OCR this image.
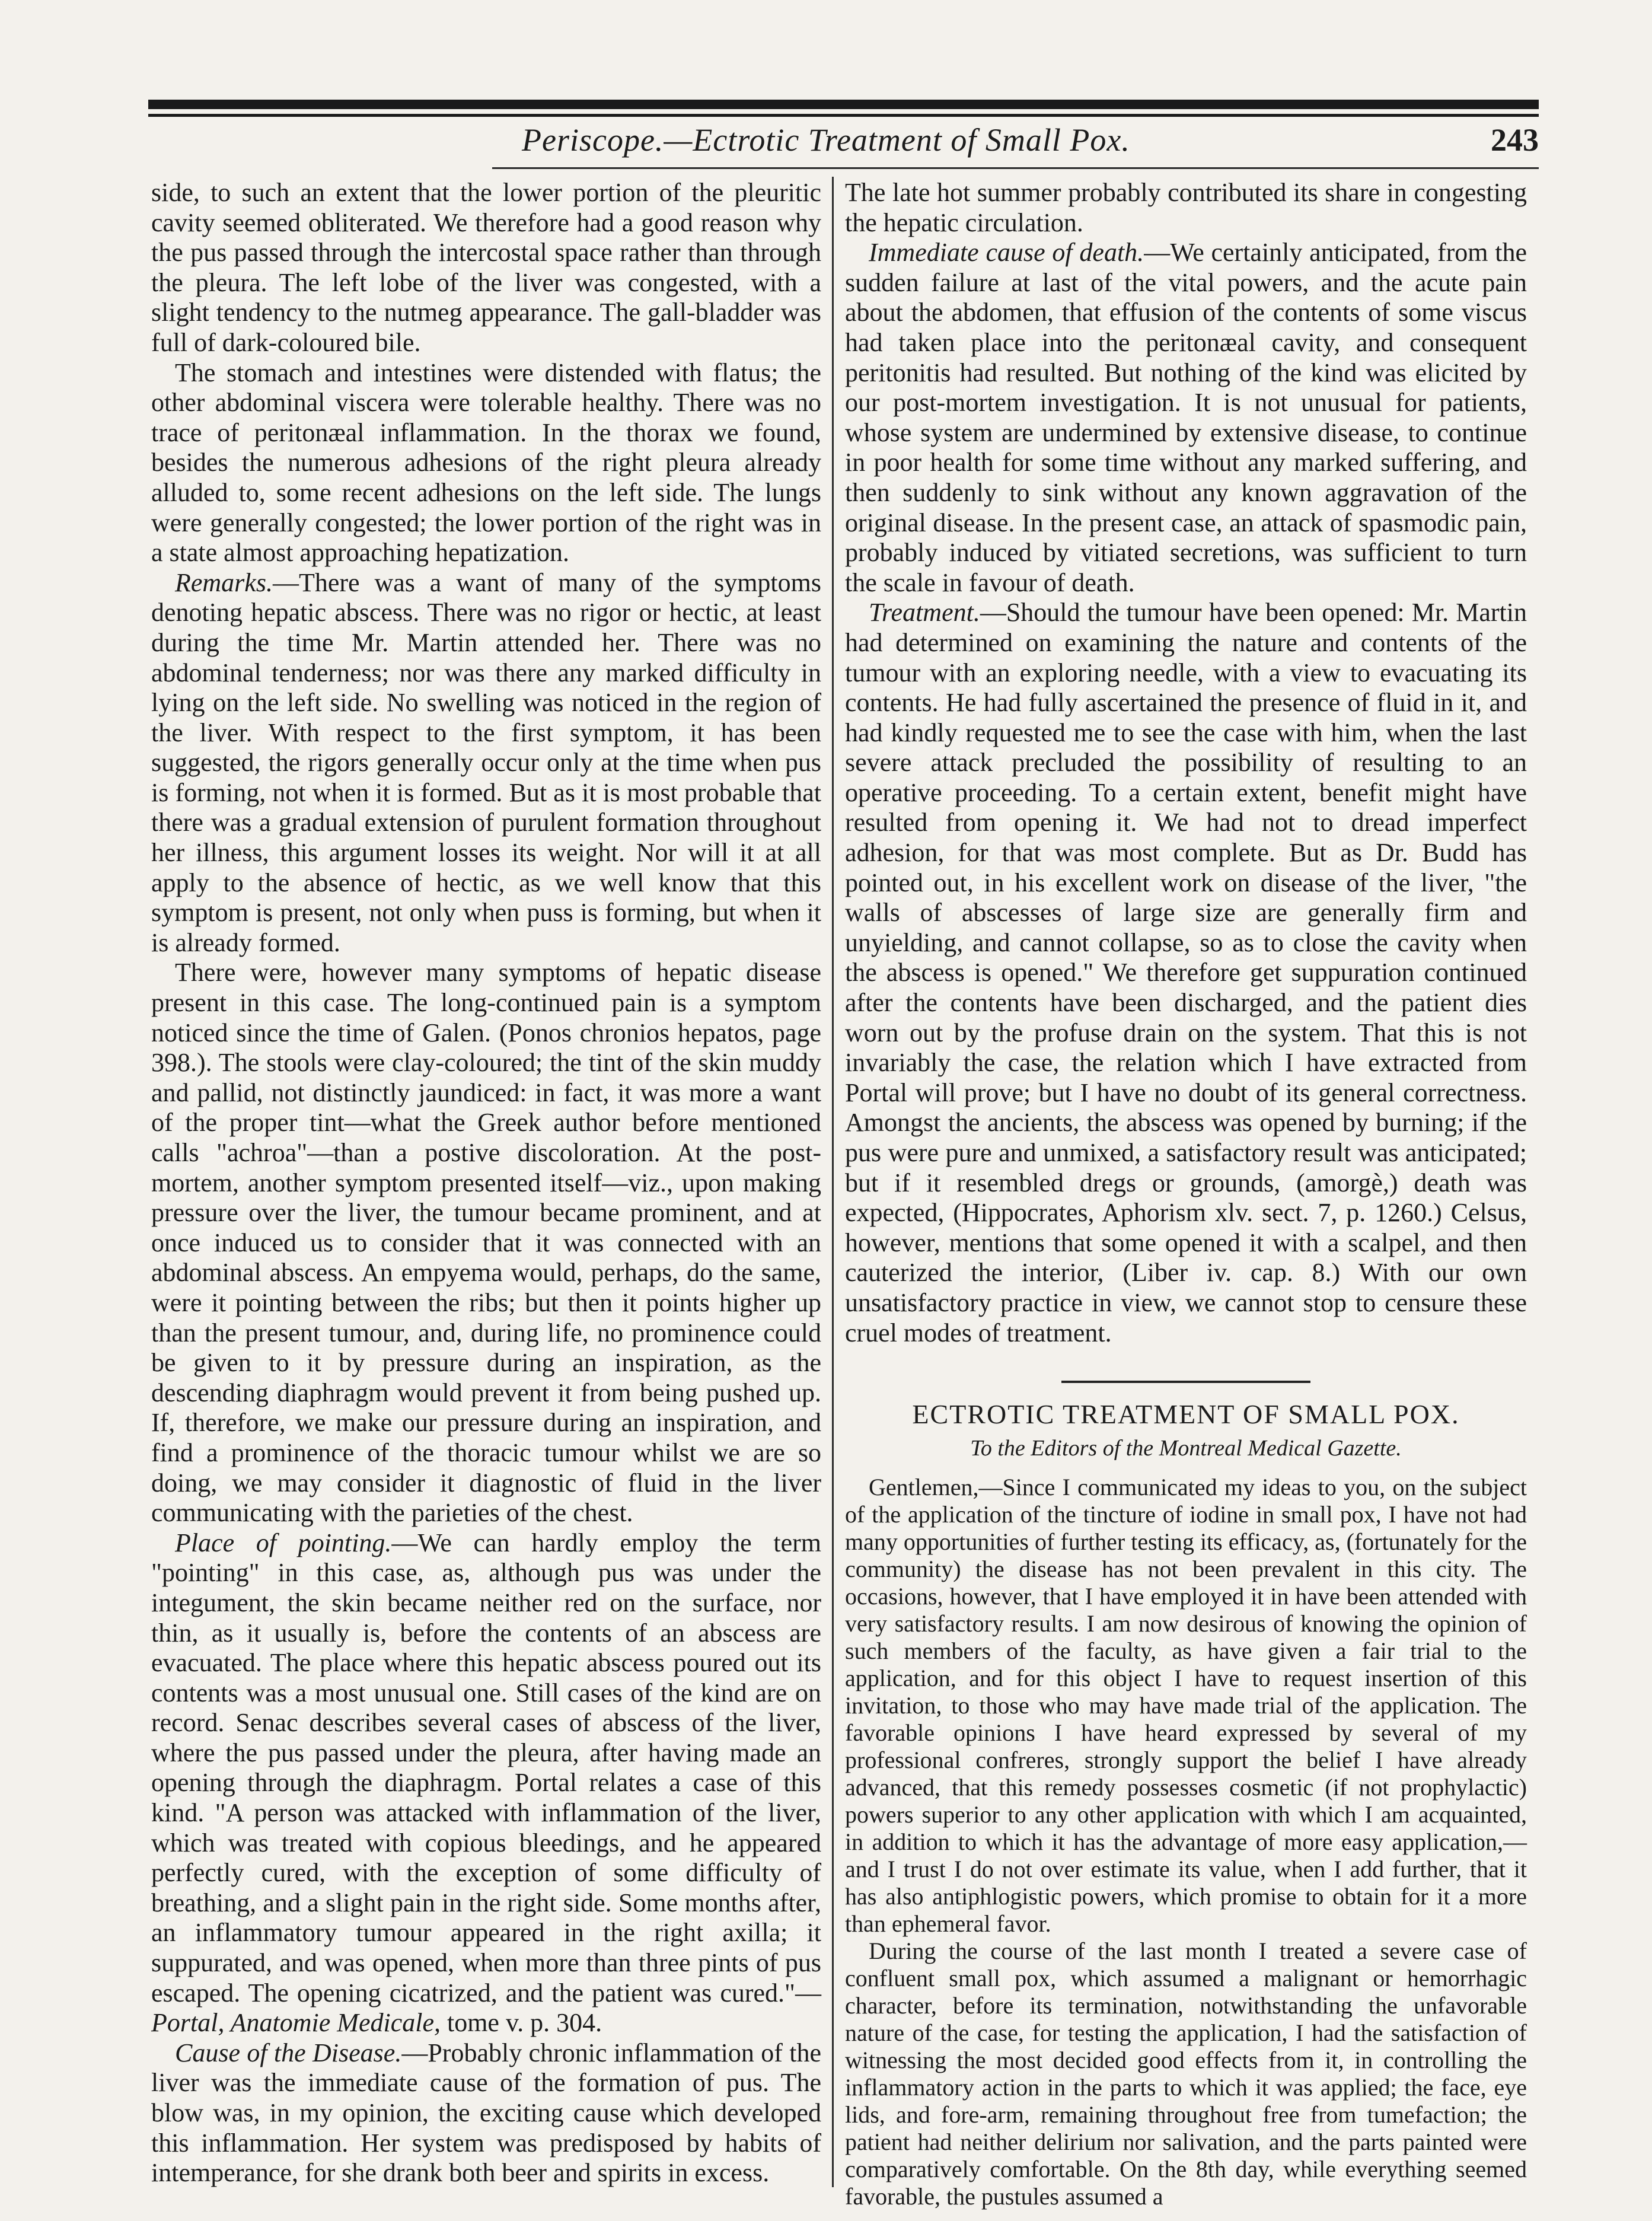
Periscope.—Ectrotic Treatment of Small Pox.	243

side, to such an extent that the lower portion of the pleuritic cavity seemed obliterated. We therefore had a good reason why the pus passed through the intercostal space rather than through the pleura. The left lobe of the liver was congested, with a slight tendency to the nutmeg appearance. The gall-bladder was full of dark-coloured bile.

The stomach and intestines were distended with flatus; the other abdominal viscera were tolerable healthy. There was no trace of peritonæal inflammation. In the thorax we found, besides the numerous adhesions of the right pleura already alluded to, some recent adhesions on the left side. The lungs were generally congested; the lower portion of the right was in a state almost approaching hepatization.

Remarks.—There was a want of many of the symptoms denoting hepatic abscess. There was no rigor or hectic, at least during the time Mr. Martin attended her. There was no abdominal tenderness; nor was there any marked difficulty in lying on the left side. No swelling was noticed in the region of the liver. With respect to the first symptom, it has been suggested, the rigors generally occur only at the time when pus is forming, not when it is formed. But as it is most probable that there was a gradual extension of purulent formation throughout her illness, this argument losses its weight. Nor will it at all apply to the absence of hectic, as we well know that this symptom is present, not only when puss is forming, but when it is already formed.

There were, however many symptoms of hepatic disease present in this case. The long-continued pain is a symptom noticed since the time of Galen. (Ponos chronios hepatos, page 398.). The stools were clay-coloured; the tint of the skin muddy and pallid, not distinctly jaundiced: in fact, it was more a want of the proper tint—what the Greek author before mentioned calls "achroa"—than a postive discoloration. At the post-mortem, another symptom presented itself—viz., upon making pressure over the liver, the tumour became prominent, and at once induced us to consider that it was connected with an abdominal abscess. An empyema would, perhaps, do the same, were it pointing between the ribs; but then it points higher up than the present tumour, and, during life, no prominence could be given to it by pressure during an inspiration, as the descending diaphragm would prevent it from being pushed up. If, therefore, we make our pressure during an inspiration, and find a prominence of the thoracic tumour whilst we are so doing, we may consider it diagnostic of fluid in the liver communicating with the parieties of the chest.

Place of pointing.—We can hardly employ the term "pointing" in this case, as, although pus was under the integument, the skin became neither red on the surface, nor thin, as it usually is, before the contents of an abscess are evacuated. The place where this hepatic abscess poured out its contents was a most unusual one. Still cases of the kind are on record. Senac describes several cases of abscess of the liver, where the pus passed under the pleura, after having made an opening through the diaphragm. Portal relates a case of this kind. "A person was attacked with inflammation of the liver, which was treated with copious bleedings, and he appeared perfectly cured, with the exception of some difficulty of breathing, and a slight pain in the right side. Some months after, an inflammatory tumour appeared in the right axilla; it suppurated, and was opened, when more than three pints of pus escaped. The opening cicatrized, and the patient was cured."—Portal, Anatomie Medicale, tome v. p. 304.

Cause of the Disease.—Probably chronic inflammation of the liver was the immediate cause of the formation of pus. The blow was, in my opinion, the exciting cause which developed this inflammation. Her system was predisposed by habits of intemperance, for she drank both beer and spirits in excess.

The late hot summer probably contributed its share in congesting the hepatic circulation.

Immediate cause of death.—We certainly anticipated, from the sudden failure at last of the vital powers, and the acute pain about the abdomen, that effusion of the contents of some viscus had taken place into the peritonæal cavity, and consequent peritonitis had resulted. But nothing of the kind was elicited by our post-mortem investigation. It is not unusual for patients, whose system are undermined by extensive disease, to continue in poor health for some time without any marked suffering, and then suddenly to sink without any known aggravation of the original disease. In the present case, an attack of spasmodic pain, probably induced by vitiated secretions, was sufficient to turn the scale in favour of death.

Treatment.—Should the tumour have been opened: Mr. Martin had determined on examining the nature and contents of the tumour with an exploring needle, with a view to evacuating its contents. He had fully ascertained the presence of fluid in it, and had kindly requested me to see the case with him, when the last severe attack precluded the possibility of resulting to an operative proceeding. To a certain extent, benefit might have resulted from opening it. We had not to dread imperfect adhesion, for that was most complete. But as Dr. Budd has pointed out, in his excellent work on disease of the liver, "the walls of abscesses of large size are generally firm and unyielding, and cannot collapse, so as to close the cavity when the abscess is opened." We therefore get suppuration continued after the contents have been discharged, and the patient dies worn out by the profuse drain on the system. That this is not invariably the case, the relation which I have extracted from Portal will prove; but I have no doubt of its general correctness. Amongst the ancients, the abscess was opened by burning; if the pus were pure and unmixed, a satisfactory result was anticipated; but if it resembled dregs or grounds, (amorgè,) death was expected, (Hippocrates, Aphorism xlv. sect. 7, p. 1260.) Celsus, however, mentions that some opened it with a scalpel, and then cauterized the interior, (Liber iv. cap. 8.) With our own unsatisfactory practice in view, we cannot stop to censure these cruel modes of treatment.

ECTROTIC TREATMENT OF SMALL POX.

To the Editors of the Montreal Medical Gazette.

Gentlemen,—Since I communicated my ideas to you, on the subject of the application of the tincture of iodine in small pox, I have not had many opportunities of further testing its efficacy, as, (fortunately for the community) the disease has not been prevalent in this city. The occasions, however, that I have employed it in have been attended with very satisfactory results. I am now desirous of knowing the opinion of such members of the faculty, as have given a fair trial to the application, and for this object I have to request insertion of this invitation, to those who may have made trial of the application. The favorable opinions I have heard expressed by several of my professional confreres, strongly support the belief I have already advanced, that this remedy possesses cosmetic (if not prophylactic) powers superior to any other application with which I am acquainted, in addition to which it has the advantage of more easy application,—and I trust I do not over estimate its value, when I add further, that it has also antiphlogistic powers, which promise to obtain for it a more than ephemeral favor.

During the course of the last month I treated a severe case of confluent small pox, which assumed a malignant or hemorrhagic character, before its termination, notwithstanding the unfavorable nature of the case, for testing the application, I had the satisfaction of witnessing the most decided good effects from it, in controlling the inflammatory action in the parts to which it was applied; the face, eye lids, and fore-arm, remaining throughout free from tumefaction; the patient had neither delirium nor salivation, and the parts painted were comparatively comfortable. On the 8th day, while everything seemed favorable, the pustules assumed a
